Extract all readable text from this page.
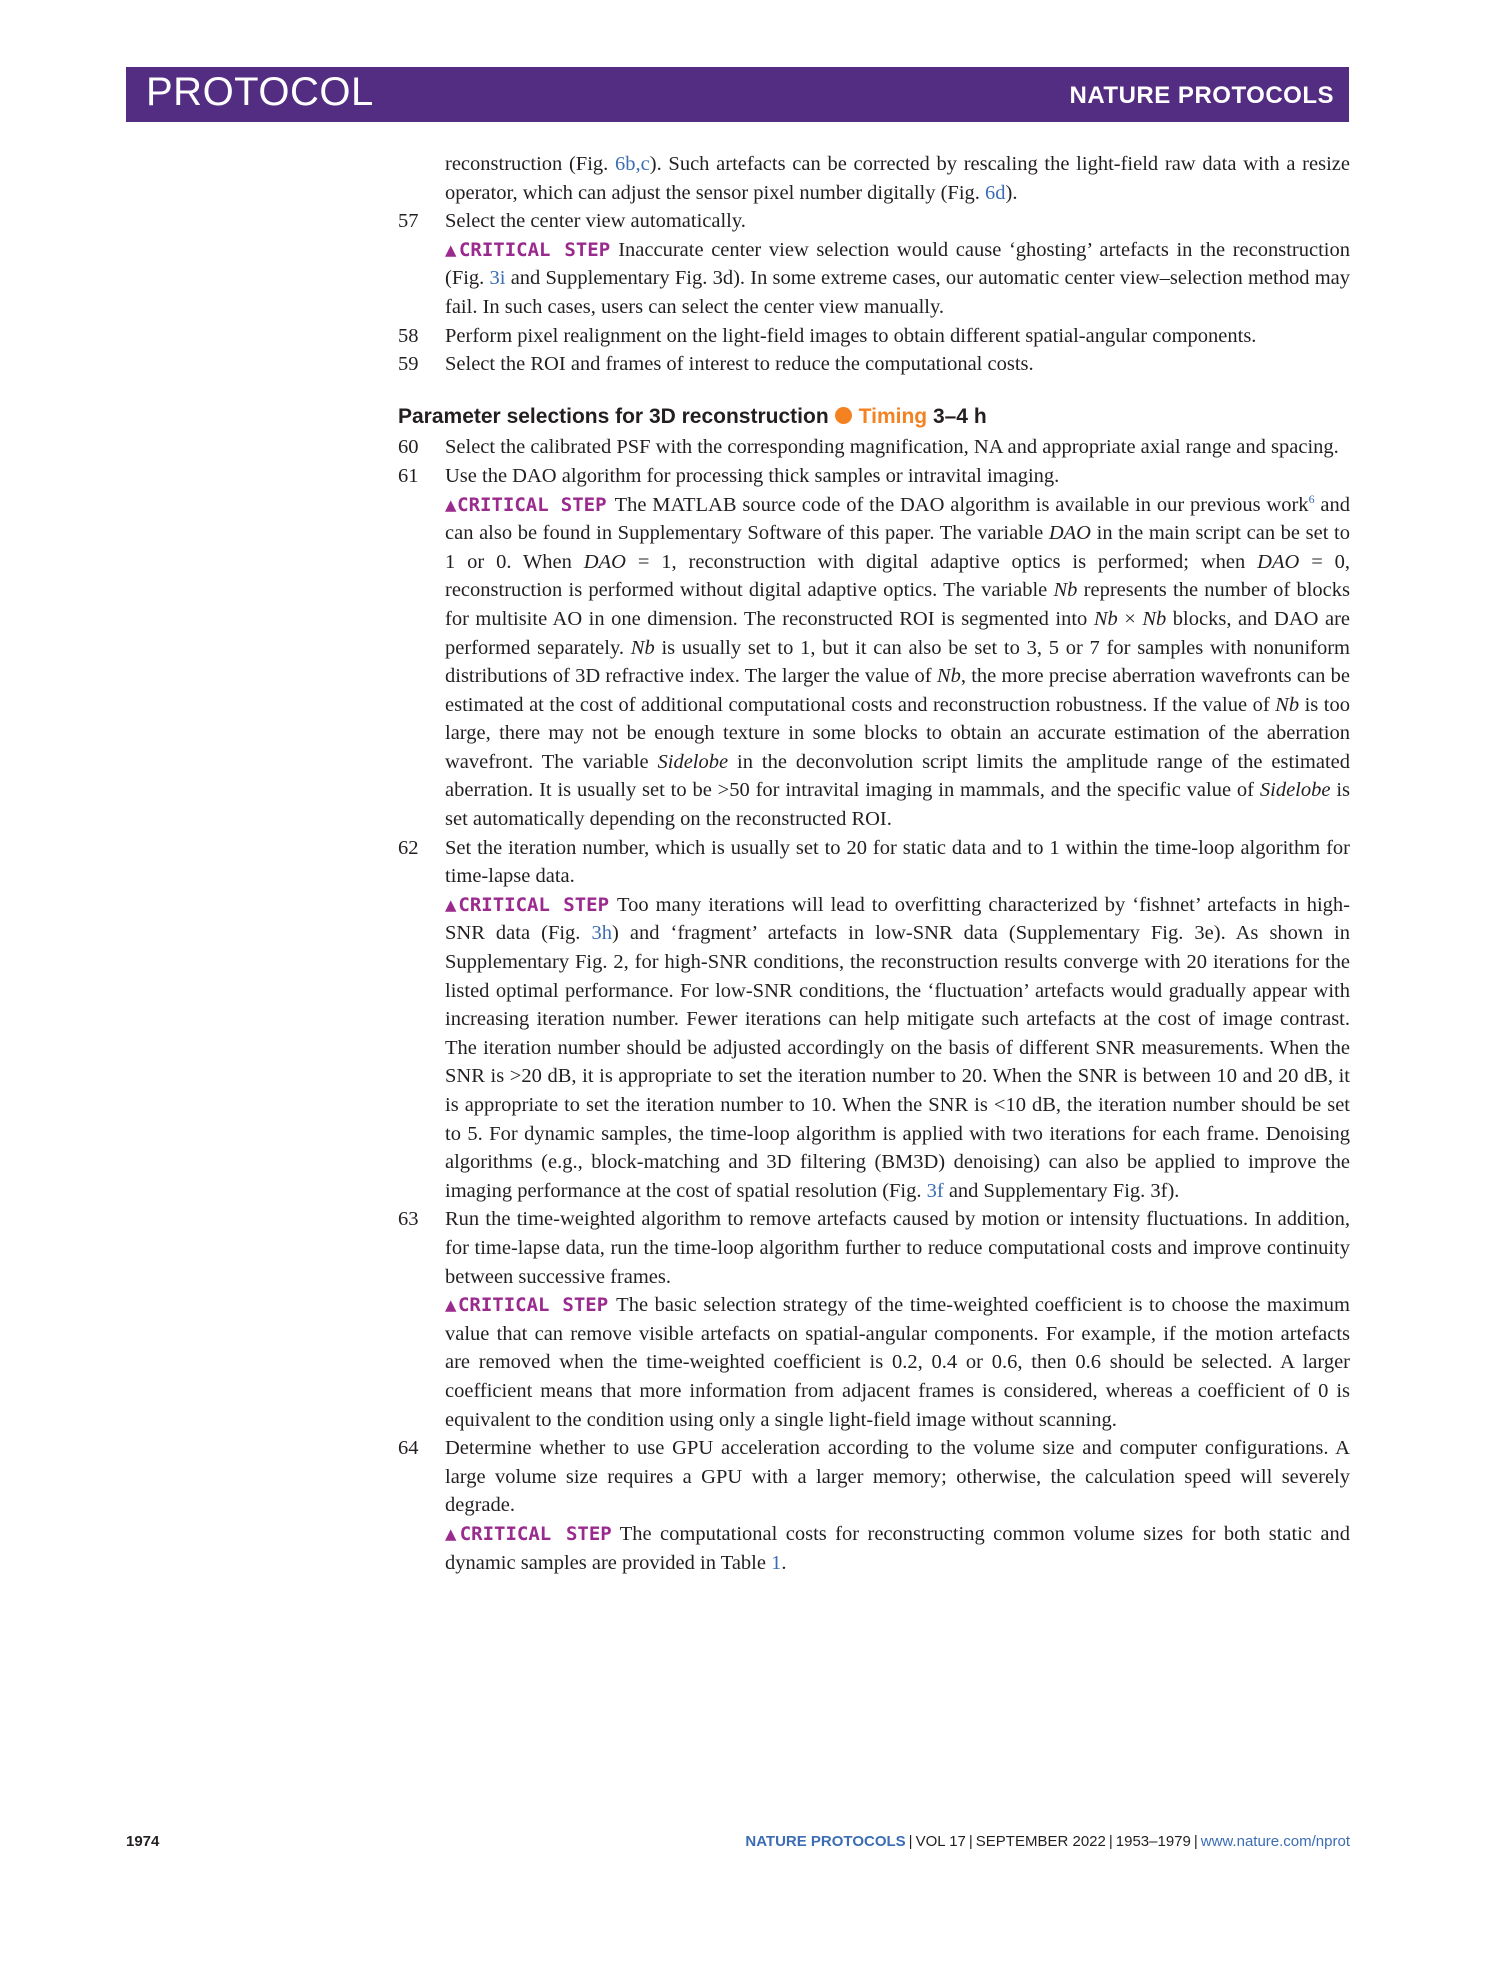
PROTOCOL	NATURE PROTOCOLS

reconstruction (Fig. 6b,c). Such artefacts can be corrected by rescaling the light-field raw data with a resize operator, which can adjust the sensor pixel number digitally (Fig. 6d).

57 Select the center view automatically.

▲CRITICAL STEP Inaccurate center view selection would cause ‘ghosting’ artefacts in the reconstruction (Fig. 3i and Supplementary Fig. 3d). In some extreme cases, our automatic center view–selection method may fail. In such cases, users can select the center view manually.

58 Perform pixel realignment on the light-field images to obtain different spatial-angular components.

59 Select the ROI and frames of interest to reduce the computational costs.

Parameter selections for 3D reconstruction Timing 3–4 h
60 Select the calibrated PSF with the corresponding magnification, NA and appropriate axial range and spacing.

61 Use the DAO algorithm for processing thick samples or intravital imaging.

▲CRITICAL STEP The MATLAB source code of the DAO algorithm is available in our previous work$^6$ and can also be found in Supplementary Software of this paper. The variable DAO in the main script can be set to 1 or 0. When DAO = 1, reconstruction with digital adaptive optics is performed; when DAO = 0, reconstruction is performed without digital adaptive optics. The variable Nb represents the number of blocks for multisite AO in one dimension. The reconstructed ROI is segmented into Nb × Nb blocks, and DAO are performed separately. Nb is usually set to 1, but it can also be set to 3, 5 or 7 for samples with nonuniform distributions of 3D refractive index. The larger the value of Nb, the more precise aberration wavefronts can be estimated at the cost of additional computational costs and reconstruction robustness. If the value of Nb is too large, there may not be enough texture in some blocks to obtain an accurate estimation of the aberration wavefront. The variable Sidelobe in the deconvolution script limits the amplitude range of the estimated aberration. It is usually set to be >50 for intravital imaging in mammals, and the specific value of Sidelobe is set automatically depending on the reconstructed ROI.

62 Set the iteration number, which is usually set to 20 for static data and to 1 within the time-loop algorithm for time-lapse data.

▲CRITICAL STEP Too many iterations will lead to overfitting characterized by ‘fishnet’ artefacts in high-SNR data (Fig. 3h) and ‘fragment’ artefacts in low-SNR data (Supplementary Fig. 3e). As shown in Supplementary Fig. 2, for high-SNR conditions, the reconstruction results converge with 20 iterations for the listed optimal performance. For low-SNR conditions, the ‘fluctuation’ artefacts would gradually appear with increasing iteration number. Fewer iterations can help mitigate such artefacts at the cost of image contrast. The iteration number should be adjusted accordingly on the basis of different SNR measurements. When the SNR is >20 dB, it is appropriate to set the iteration number to 20. When the SNR is between 10 and 20 dB, it is appropriate to set the iteration number to 10. When the SNR is <10 dB, the iteration number should be set to 5. For dynamic samples, the time-loop algorithm is applied with two iterations for each frame. Denoising algorithms (e.g., block-matching and 3D filtering (BM3D) denoising) can also be applied to improve the imaging performance at the cost of spatial resolution (Fig. 3f and Supplementary Fig. 3f).

63 Run the time-weighted algorithm to remove artefacts caused by motion or intensity fluctuations. In addition, for time-lapse data, run the time-loop algorithm further to reduce computational costs and improve continuity between successive frames.

▲CRITICAL STEP The basic selection strategy of the time-weighted coefficient is to choose the maximum value that can remove visible artefacts on spatial-angular components. For example, if the motion artefacts are removed when the time-weighted coefficient is 0.2, 0.4 or 0.6, then 0.6 should be selected. A larger coefficient means that more information from adjacent frames is considered, whereas a coefficient of 0 is equivalent to the condition using only a single light-field image without scanning.

64 Determine whether to use GPU acceleration according to the volume size and computer configurations. A large volume size requires a GPU with a larger memory; otherwise, the calculation speed will severely degrade.

▲CRITICAL STEP The computational costs for reconstructing common volume sizes for both static and dynamic samples are provided in Table 1.

1974	NATURE PROTOCOLS | VOL 17 | SEPTEMBER 2022 | 1953–1979 | www.nature.com/nprot
